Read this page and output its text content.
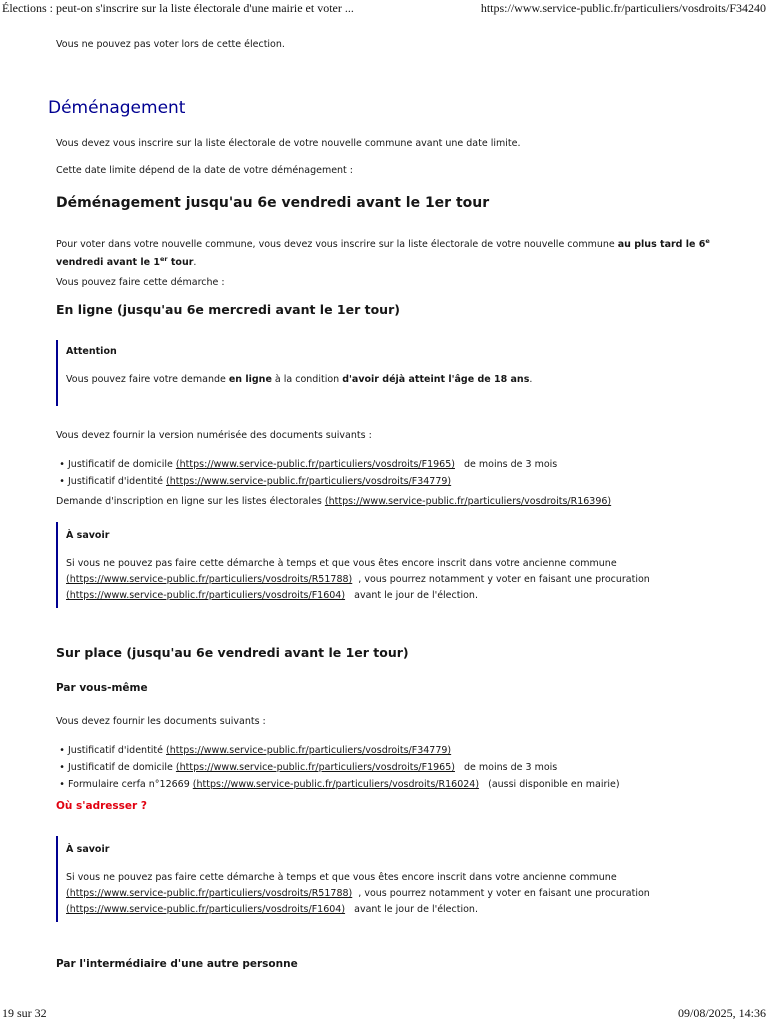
Élections : peut-on s'inscrire sur la liste électorale d'une mairie et voter ...	https://www.service-public.fr/particuliers/vosdroits/F34240
Vous ne pouvez pas voter lors de cette élection.
Déménagement
Vous devez vous inscrire sur la liste électorale de votre nouvelle commune avant une date limite.
Cette date limite dépend de la date de votre déménagement :
Déménagement jusqu'au 6e vendredi avant le 1er tour
Pour voter dans votre nouvelle commune, vous devez vous inscrire sur la liste électorale de votre nouvelle commune au plus tard le 6e
vendredi avant le 1er tour.
Vous pouvez faire cette démarche :
En ligne (jusqu'au 6e mercredi avant le 1er tour)
Attention
Vous pouvez faire votre demande en ligne à la condition d'avoir déjà atteint l'âge de 18 ans.
Vous devez fournir la version numérisée des documents suivants :
• Justificatif de domicile (https://www.service-public.fr/particuliers/vosdroits/F1965)   de moins de 3 mois
• Justificatif d'identité (https://www.service-public.fr/particuliers/vosdroits/F34779)
Demande d'inscription en ligne sur les listes électorales (https://www.service-public.fr/particuliers/vosdroits/R16396)
À savoir
Si vous ne pouvez pas faire cette démarche à temps et que vous êtes encore inscrit dans votre ancienne commune
(https://www.service-public.fr/particuliers/vosdroits/R51788)  , vous pourrez notamment y voter en faisant une procuration
(https://www.service-public.fr/particuliers/vosdroits/F1604)   avant le jour de l'élection.
Sur place (jusqu'au 6e vendredi avant le 1er tour)
Par vous-même
Vous devez fournir les documents suivants :
• Justificatif d'identité (https://www.service-public.fr/particuliers/vosdroits/F34779)
• Justificatif de domicile (https://www.service-public.fr/particuliers/vosdroits/F1965)   de moins de 3 mois
• Formulaire cerfa n°12669 (https://www.service-public.fr/particuliers/vosdroits/R16024)   (aussi disponible en mairie)
Où s'adresser ?
À savoir
Si vous ne pouvez pas faire cette démarche à temps et que vous êtes encore inscrit dans votre ancienne commune
(https://www.service-public.fr/particuliers/vosdroits/R51788)  , vous pourrez notamment y voter en faisant une procuration
(https://www.service-public.fr/particuliers/vosdroits/F1604)   avant le jour de l'élection.
Par l'intermédiaire d'une autre personne
19 sur 32	09/08/2025, 14:36
